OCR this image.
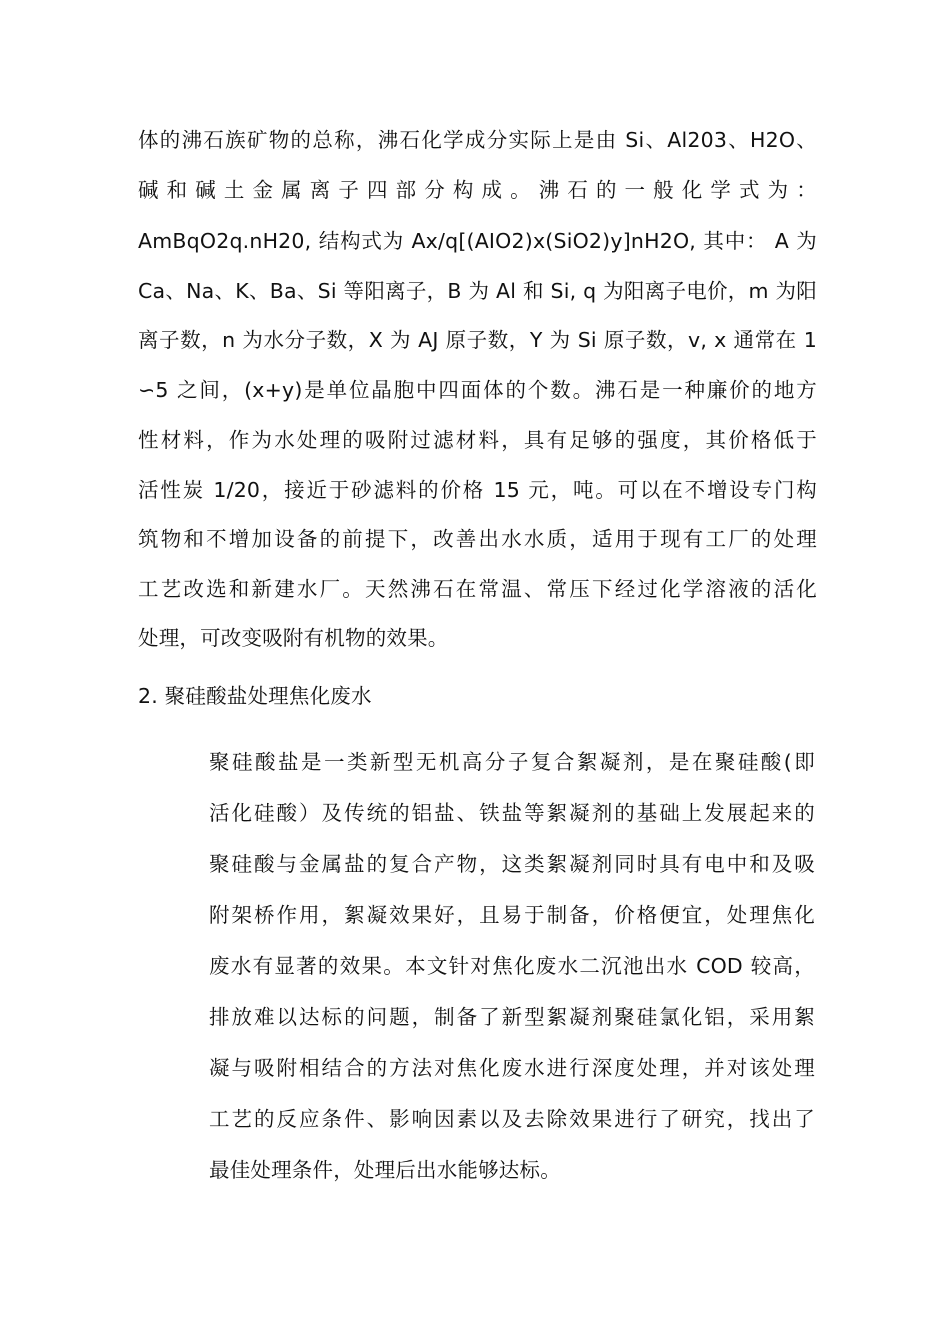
体的沸石族矿物的总称，沸石化学成分实际上是由 Si、Al203、H2O、
碱和碱土金属离子四部分构成。沸石的一般化学式为：
AmBqO2q.nH20, 结构式为 Ax/q[(AIO2)x(SiO2)y]nH2O, 其中： A 为
Ca、Na、K、Ba、Si 等阳离子，B 为 Al 和 Si, q 为阳离子电价，m 为阳
离子数，n 为水分子数，X 为 AJ 原子数，Y 为 Si 原子数，v, x 通常在 1
∽5 之间，(x+y)是单位晶胞中四面体的个数。沸石是一种廉价的地方
性材料，作为水处理的吸附过滤材料，具有足够的强度，其价格低于
活性炭 1/20，接近于砂滤料的价格 15 元，吨。可以在不增设专门构
筑物和不增加设备的前提下，改善出水水质，适用于现有工厂的处理
工艺改选和新建水厂。天然沸石在常温、常压下经过化学溶液的活化
处理，可改变吸附有机物的效果。
2. 聚硅酸盐处理焦化废水
聚硅酸盐是一类新型无机高分子复合絮凝剂，是在聚硅酸(即
活化硅酸）及传统的铝盐、铁盐等絮凝剂的基础上发展起来的
聚硅酸与金属盐的复合产物，这类絮凝剂同时具有电中和及吸
附架桥作用，絮凝效果好，且易于制备，价格便宜，处理焦化
废水有显著的效果。本文针对焦化废水二沉池出水 COD 较高，
排放难以达标的问题，制备了新型絮凝剂聚硅氯化铝，采用絮
凝与吸附相结合的方法对焦化废水进行深度处理，并对该处理
工艺的反应条件、影响因素以及去除效果进行了研究，找出了
最佳处理条件，处理后出水能够达标。
